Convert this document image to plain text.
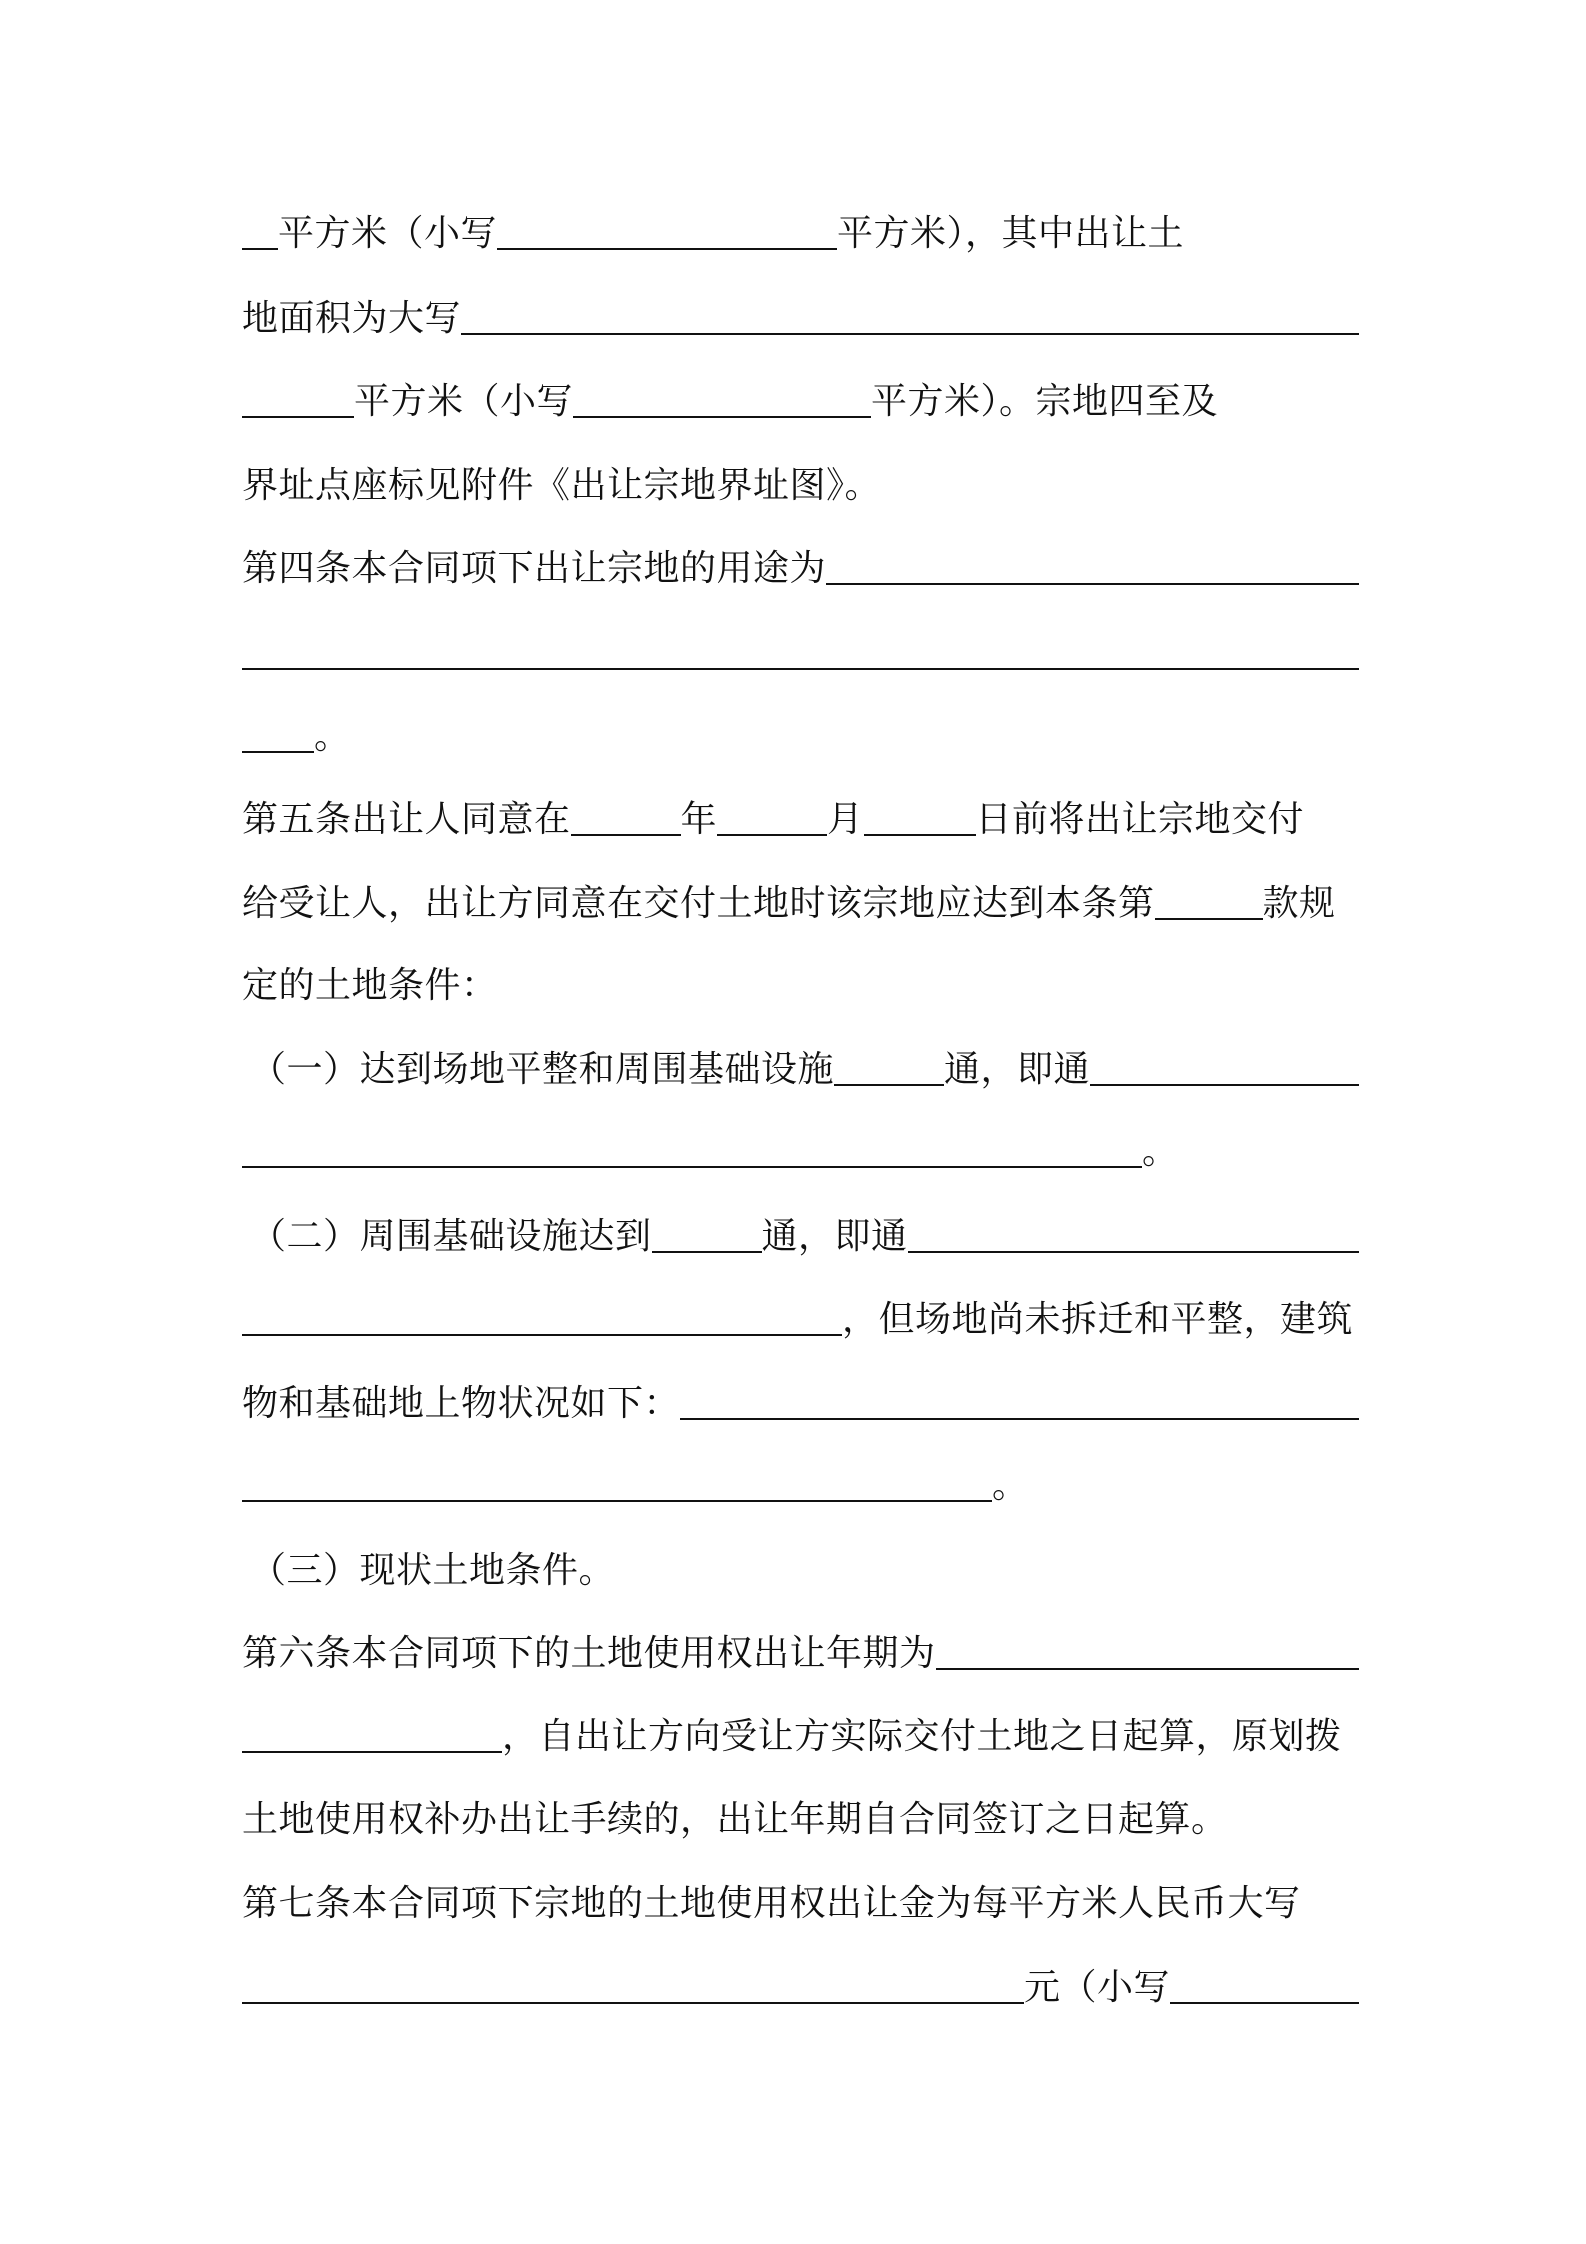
平方米（小写	平方米），其中出让土
地面积为大写
平方米（小写	平方米）。宗地四至及
界址点座标见附件《出让宗地界址图》。
第四条本合同项下出让宗地的用途为
。
第五条出让人同意在	年	月	日前将出让宗地交付
给受让人，出让方同意在交付土地时该宗地应达到本条第	款规
定的土地条件：
（一）达到场地平整和周围基础设施	通，即通
。
（二）周围基础设施达到	通，即通
，但场地尚未拆迁和平整，建筑
物和基础地上物状况如下：
。
（三）现状土地条件。
第六条本合同项下的土地使用权出让年期为
，自出让方向受让方实际交付土地之日起算，原划拨
土地使用权补办出让手续的，出让年期自合同签订之日起算。
第七条本合同项下宗地的土地使用权出让金为每平方米人民币大写
元（小写
